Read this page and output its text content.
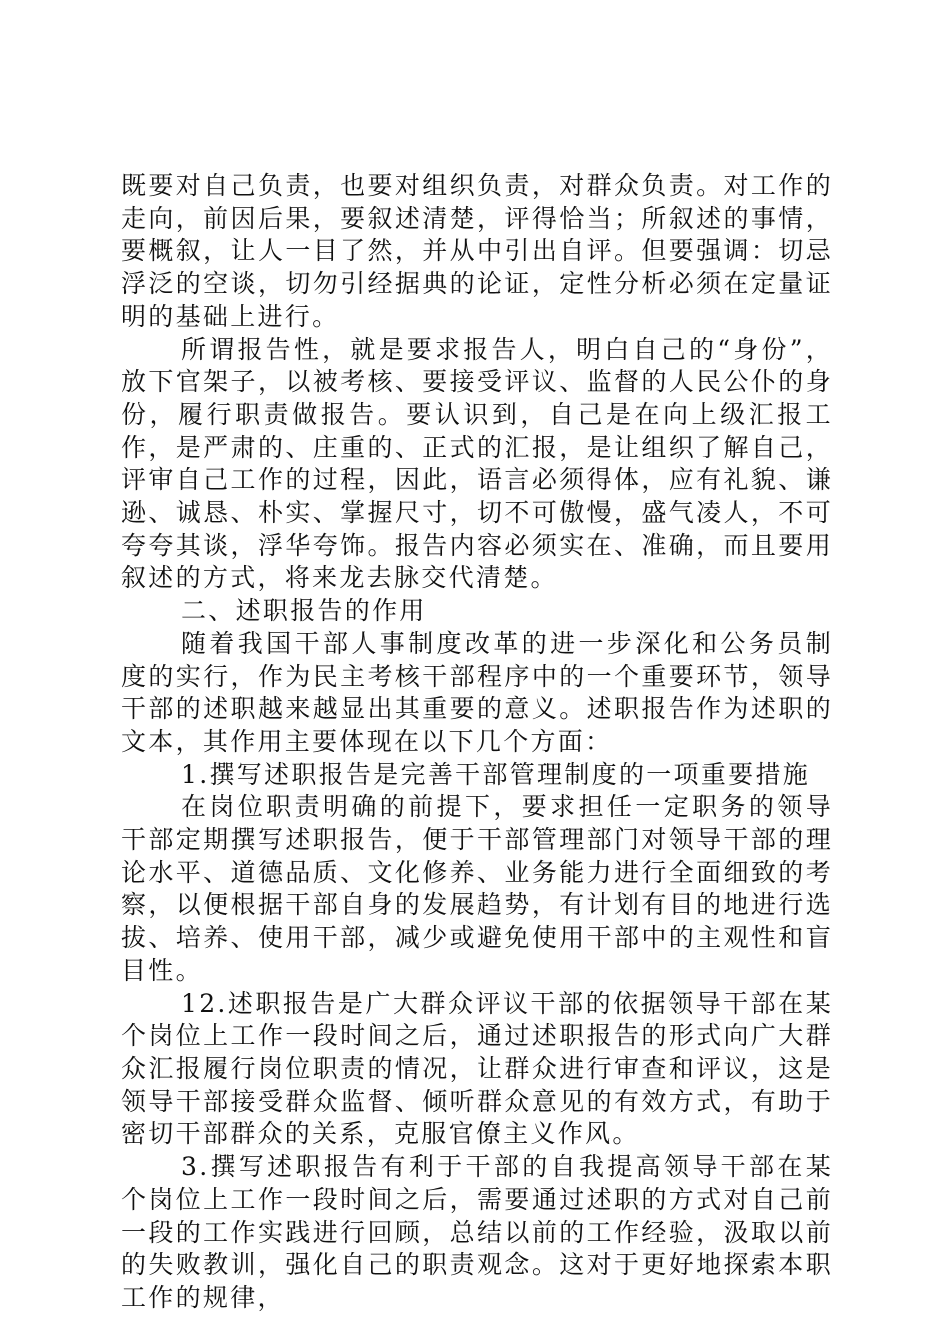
既要对自己负责，也要对组织负责，对群众负责。对工作的走向，前因后果，要叙述清楚，评得恰当；所叙述的事情，要概叙，让人一目了然，并从中引出自评。但要强调：切忌浮泛的空谈，切勿引经据典的论证，定性分析必须在定量证明的基础上进行。

所谓报告性，就是要求报告人，明白自己的“身份”，放下官架子，以被考核、要接受评议、监督的人民公仆的身份，履行职责做报告。要认识到，自己是在向上级汇报工作，是严肃的、庄重的、正式的汇报，是让组织了解自己，评审自己工作的过程，因此，语言必须得体，应有礼貌、谦逊、诚恳、朴实、掌握尺寸，切不可傲慢，盛气凌人，不可夸夸其谈，浮华夸饰。报告内容必须实在、准确，而且要用叙述的方式，将来龙去脉交代清楚。

二、述职报告的作用

随着我国干部人事制度改革的进一步深化和公务员制度的实行，作为民主考核干部程序中的一个重要环节，领导干部的述职越来越显出其重要的意义。述职报告作为述职的文本，其作用主要体现在以下几个方面：

1.撰写述职报告是完善干部管理制度的一项重要措施

在岗位职责明确的前提下，要求担任一定职务的领导干部定期撰写述职报告，便于干部管理部门对领导干部的理论水平、道德品质、文化修养、业务能力进行全面细致的考察，以便根据干部自身的发展趋势，有计划有目的地进行选拔、培养、使用干部，减少或避免使用干部中的主观性和盲目性。

12.述职报告是广大群众评议干部的依据领导干部在某个岗位上工作一段时间之后，通过述职报告的形式向广大群众汇报履行岗位职责的情况，让群众进行审查和评议，这是领导干部接受群众监督、倾听群众意见的有效方式，有助于密切干部群众的关系，克服官僚主义作风。

3.撰写述职报告有利于干部的自我提高领导干部在某个岗位上工作一段时间之后，需要通过述职的方式对自己前一段的工作实践进行回顾，总结以前的工作经验，汲取以前的失败教训，强化自己的职责观念。这对于更好地探索本职工作的规律，
